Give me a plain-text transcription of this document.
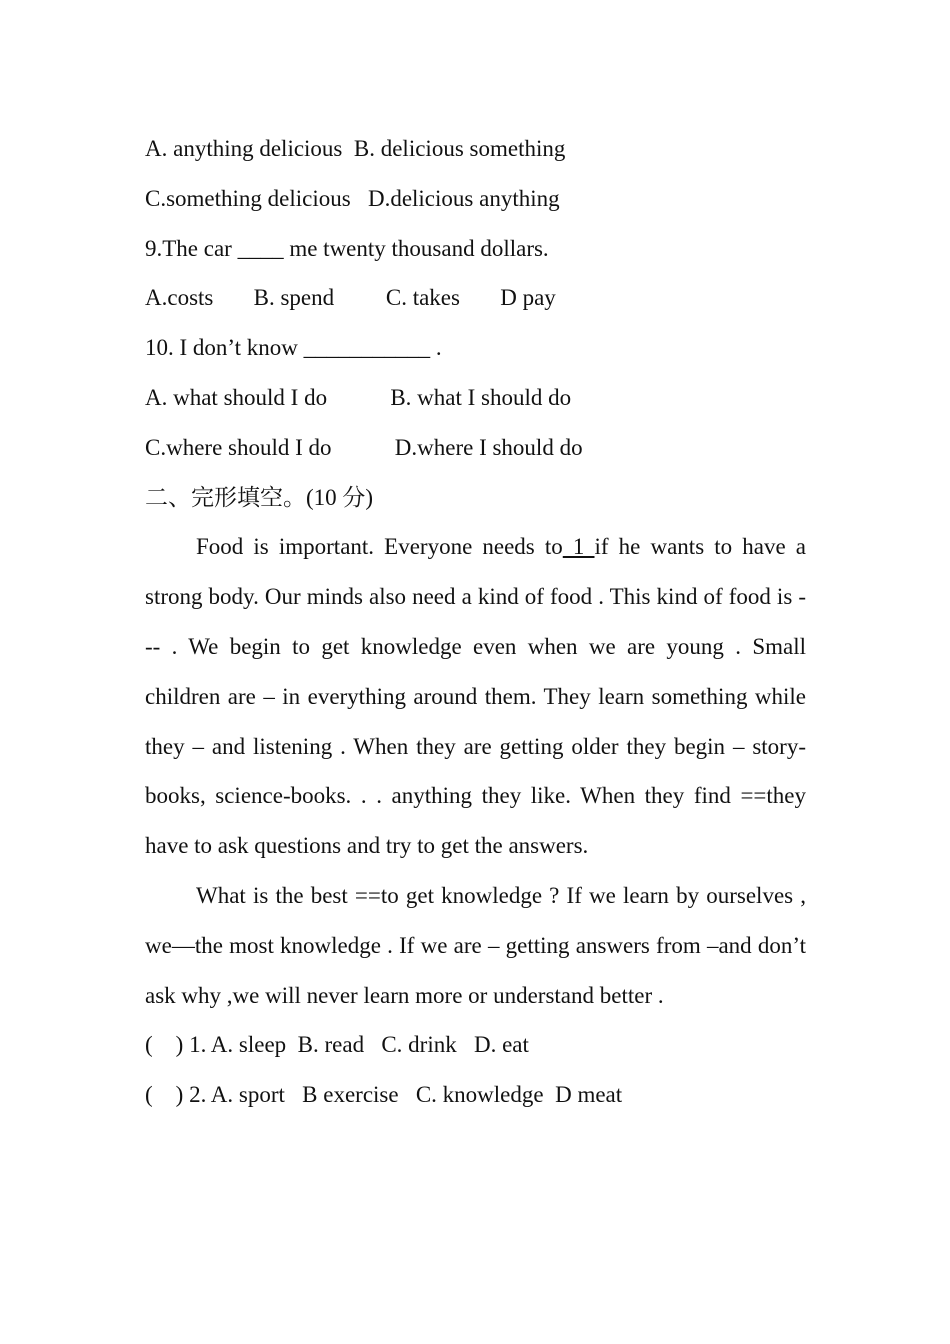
A. anything delicious  B. delicious something
C.something delicious   D.delicious anything
9.The car ____ me twenty thousand dollars.
A.costs       B. spend         C. takes       D pay
10. I don’t know ___________ .
A. what should I do           B. what I should do
C.where should I do           D.where I should do
二、完形填空。(10 分)

Food is important. Everyone needs to 1 if he wants to have a strong body. Our minds also need a kind of food . This kind of food is --- . We begin to get knowledge even when we are young . Small children are – in everything around them. They learn something while they – and listening . When they are getting older they begin – story-books, science-books. . . anything they like. When they find ==they have to ask questions and try to get the answers.

What is the best ==to get knowledge ? If we learn by ourselves , we—the most knowledge . If we are – getting answers from –and don’t ask why ,we will never learn more or understand better .

(    ) 1. A. sleep  B. read   C. drink   D. eat
(    ) 2. A. sport   B exercise   C. knowledge  D meat
